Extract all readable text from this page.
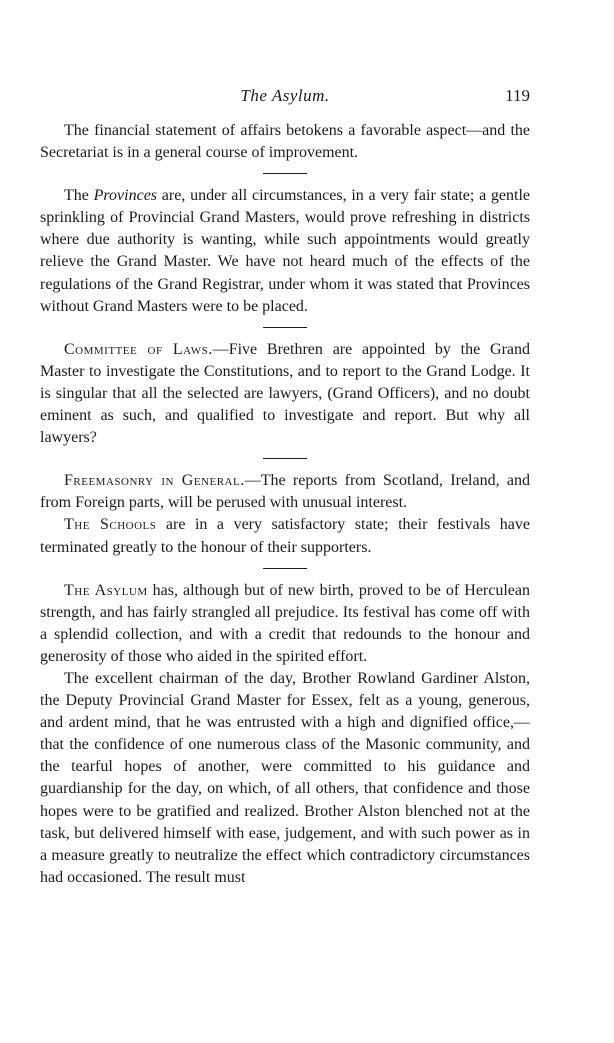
The Asylum.	119

The financial statement of affairs betokens a favorable aspect—and the Secretariat is in a general course of improvement.

The Provinces are, under all circumstances, in a very fair state; a gentle sprinkling of Provincial Grand Masters, would prove refreshing in districts where due authority is wanting, while such appointments would greatly relieve the Grand Master. We have not heard much of the effects of the regulations of the Grand Registrar, under whom it was stated that Provinces without Grand Masters were to be placed.

Committee of Laws.—Five Brethren are appointed by the Grand Master to investigate the Constitutions, and to report to the Grand Lodge. It is singular that all the selected are lawyers, (Grand Officers), and no doubt eminent as such, and qualified to investigate and report. But why all lawyers?

Freemasonry in General.—The reports from Scotland, Ireland, and from Foreign parts, will be perused with unusual interest.

The Schools are in a very satisfactory state; their festivals have terminated greatly to the honour of their supporters.

The Asylum has, although but of new birth, proved to be of Herculean strength, and has fairly strangled all prejudice. Its festival has come off with a splendid collection, and with a credit that redounds to the honour and generosity of those who aided in the spirited effort.

The excellent chairman of the day, Brother Rowland Gardiner Alston, the Deputy Provincial Grand Master for Essex, felt as a young, generous, and ardent mind, that he was entrusted with a high and dignified office,—that the confidence of one numerous class of the Masonic community, and the tearful hopes of another, were committed to his guidance and guardianship for the day, on which, of all others, that confidence and those hopes were to be gratified and realized. Brother Alston blenched not at the task, but delivered himself with ease, judgement, and with such power as in a measure greatly to neutralize the effect which contradictory circumstances had occasioned. The result must
